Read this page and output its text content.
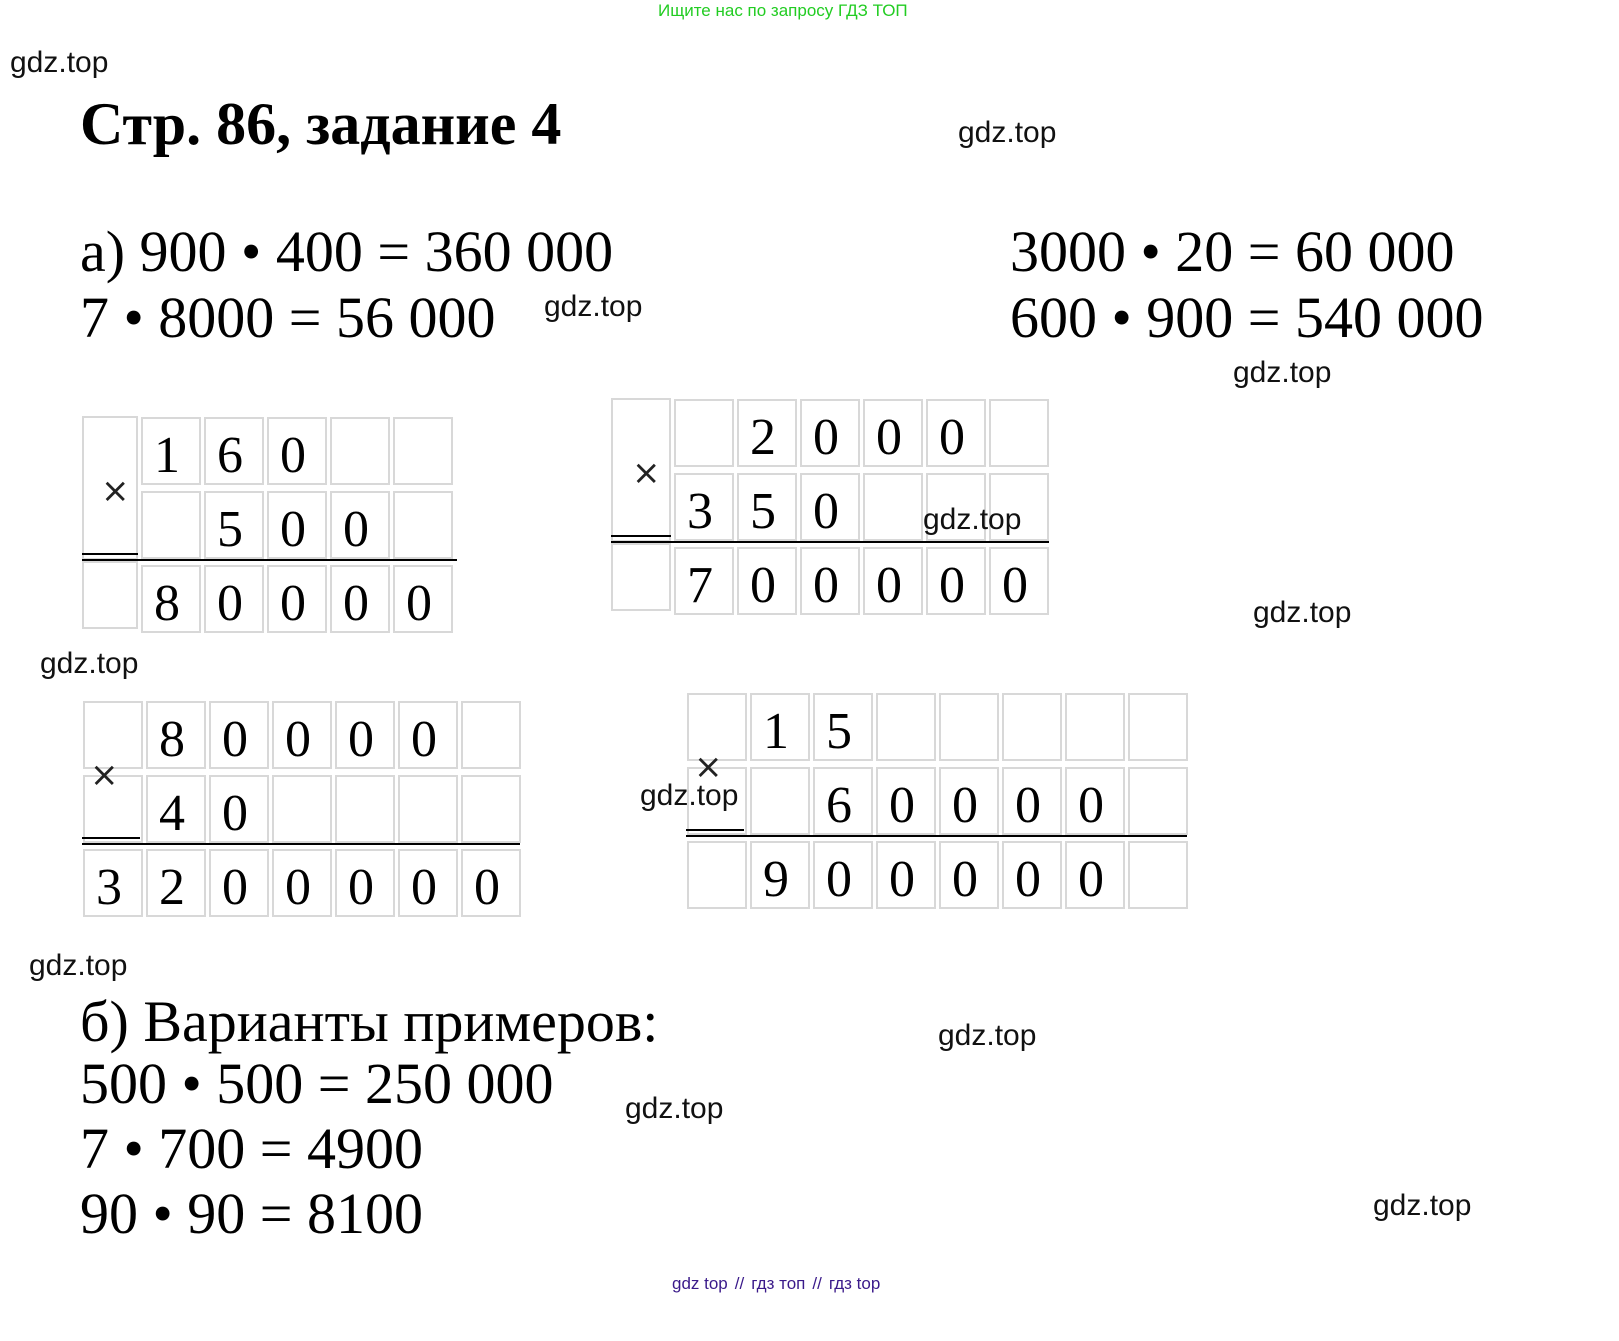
Ищите нас по запросу ГДЗ ТОП
gdz.top
Стр. 86, задание 4	gdz.top
а) 900 • 400 = 360 000
7 • 8000 = 56 000
3000 • 20 = 60 000
600 • 900 = 540 000
gdz.top
gdz.top
1 6 0
5 0 0
8 0 0 0 0
×
2 0 0 0
3 5 0
7 0 0 0 0 0
×
gdz.top
gdz.top
gdz.top
8 0 0 0 0
4 0
3 2 0 0 0 0 0
×
1 5
6 0 0 0 0
9 0 0 0 0 0
×
gdz.top
gdz.top
б) Варианты примеров:	gdz.top
500 • 500 = 250 000 gdz.top
7 • 700 = 4900
90 • 90 = 8100	gdz.top
gdz top // гдз топ // гдз top
